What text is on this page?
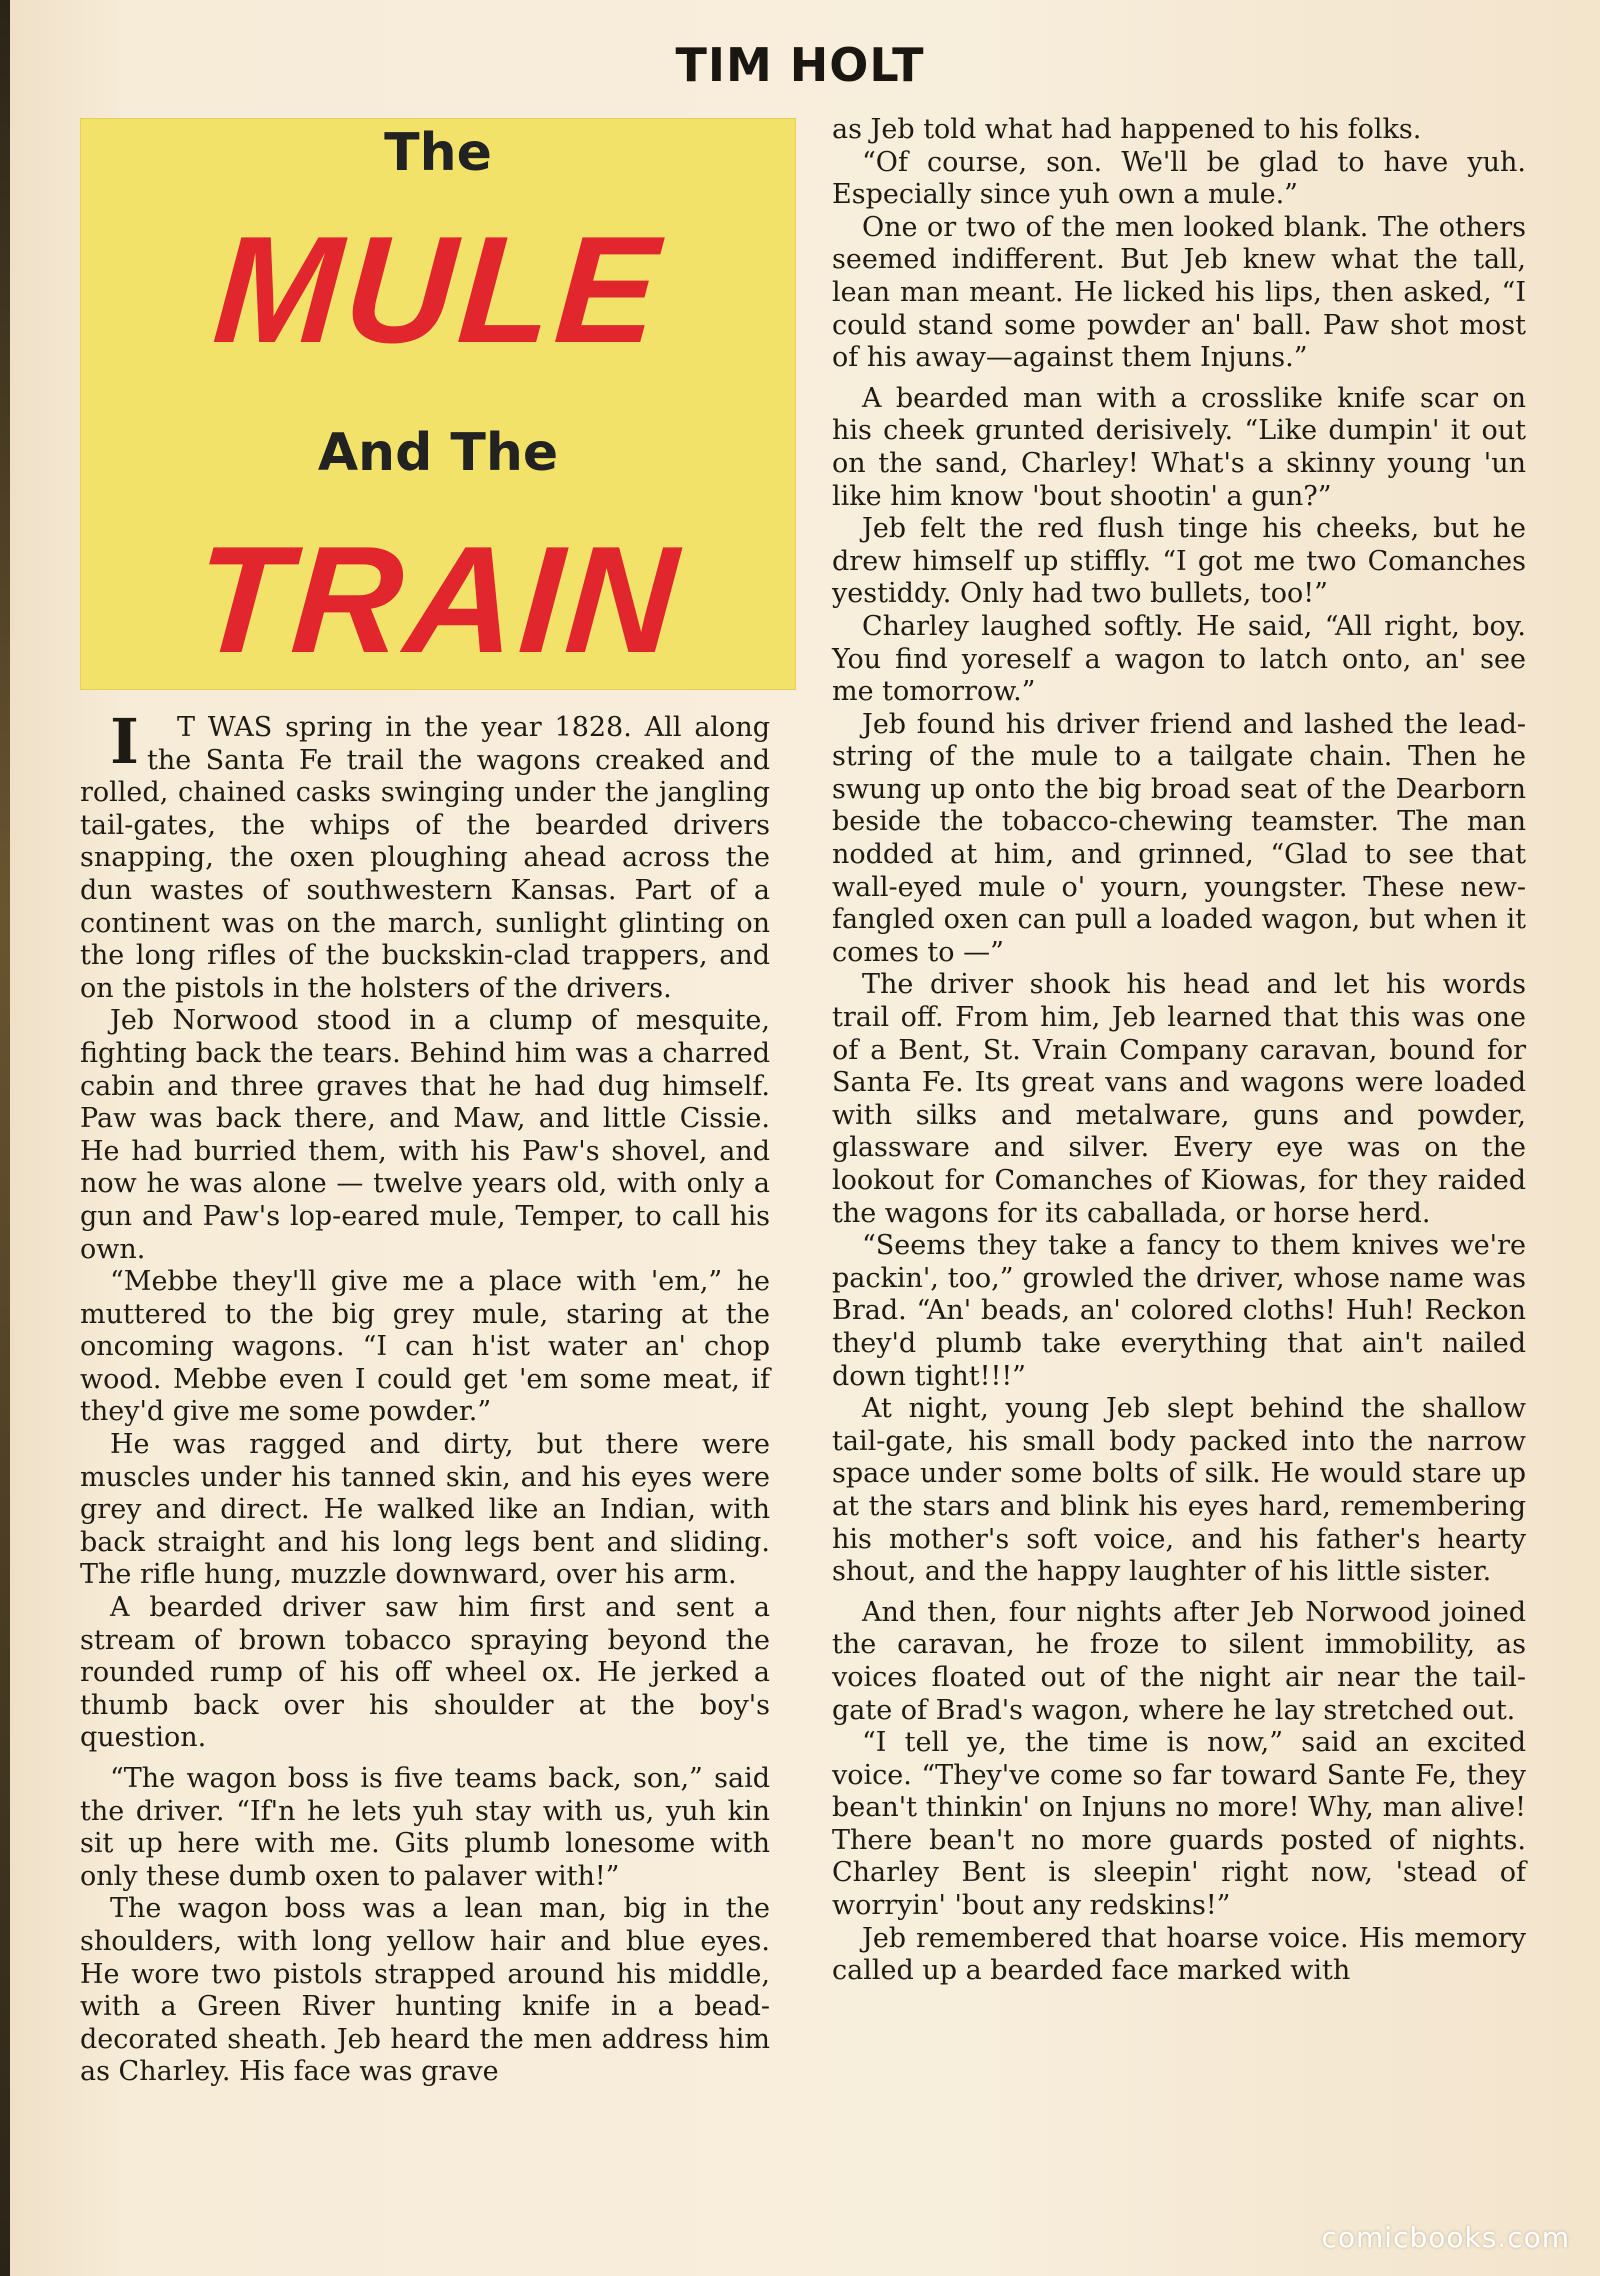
TIM HOLT
The
MULE
And The
TRAIN

I T WAS spring in the year 1828. All along the Santa Fe trail the wagons creaked and rolled, chained casks swinging under the jangling tail-gates, the whips of the bearded drivers snapping, the oxen ploughing ahead across the dun wastes of southwestern Kansas. Part of a continent was on the march, sunlight glinting on the long rifles of the buckskin-clad trappers, and on the pistols in the holsters of the drivers.

Jeb Norwood stood in a clump of mesquite, fighting back the tears. Behind him was a charred cabin and three graves that he had dug himself. Paw was back there, and Maw, and little Cissie. He had burried them, with his Paw's shovel, and now he was alone — twelve years old, with only a gun and Paw's lop-eared mule, Temper, to call his own.

“Mebbe they'll give me a place with 'em,” he muttered to the big grey mule, staring at the oncoming wagons. “I can h'ist water an' chop wood. Mebbe even I could get 'em some meat, if they'd give me some powder.”

He was ragged and dirty, but there were muscles under his tanned skin, and his eyes were grey and direct. He walked like an Indian, with back straight and his long legs bent and sliding. The rifle hung, muzzle downward, over his arm.

A bearded driver saw him first and sent a stream of brown tobacco spraying beyond the rounded rump of his off wheel ox. He jerked a thumb back over his shoulder at the boy's question.

“The wagon boss is five teams back, son,” said the driver. “If'n he lets yuh stay with us, yuh kin sit up here with me. Gits plumb lonesome with only these dumb oxen to palaver with!”

The wagon boss was a lean man, big in the shoulders, with long yellow hair and blue eyes. He wore two pistols strapped around his middle, with a Green River hunting knife in a bead-decorated sheath. Jeb heard the men address him as Charley. His face was grave

as Jeb told what had happened to his folks.

“Of course, son. We'll be glad to have yuh. Especially since yuh own a mule.”

One or two of the men looked blank. The others seemed indifferent. But Jeb knew what the tall, lean man meant. He licked his lips, then asked, “I could stand some powder an' ball. Paw shot most of his away—against them Injuns.”

A bearded man with a crosslike knife scar on his cheek grunted derisively. “Like dumpin' it out on the sand, Charley! What's a skinny young 'un like him know 'bout shootin' a gun?”

Jeb felt the red flush tinge his cheeks, but he drew himself up stiffly. “I got me two Comanches yestiddy. Only had two bullets, too!”

Charley laughed softly. He said, “All right, boy. You find yoreself a wagon to latch onto, an' see me tomorrow.”

Jeb found his driver friend and lashed the lead-string of the mule to a tailgate chain. Then he swung up onto the big broad seat of the Dearborn beside the tobacco-chewing teamster. The man nodded at him, and grinned, “Glad to see that wall-eyed mule o' yourn, youngster. These new-fangled oxen can pull a loaded wagon, but when it comes to —”

The driver shook his head and let his words trail off. From him, Jeb learned that this was one of a Bent, St. Vrain Company caravan, bound for Santa Fe. Its great vans and wagons were loaded with silks and metalware, guns and powder, glassware and silver. Every eye was on the lookout for Comanches of Kiowas, for they raided the wagons for its caballada, or horse herd.

“Seems they take a fancy to them knives we're packin', too,” growled the driver, whose name was Brad. “An' beads, an' colored cloths! Huh! Reckon they'd plumb take everything that ain't nailed down tight!!!”

At night, young Jeb slept behind the shallow tail-gate, his small body packed into the narrow space under some bolts of silk. He would stare up at the stars and blink his eyes hard, remembering his mother's soft voice, and his father's hearty shout, and the happy laughter of his little sister.

And then, four nights after Jeb Norwood joined the caravan, he froze to silent immobility, as voices floated out of the night air near the tail-gate of Brad's wagon, where he lay stretched out.

“I tell ye, the time is now,” said an excited voice. “They've come so far toward Sante Fe, they bean't thinkin' on Injuns no more! Why, man alive! There bean't no more guards posted of nights. Charley Bent is sleepin' right now, 'stead of worryin' 'bout any redskins!”

Jeb remembered that hoarse voice. His memory called up a bearded face marked with

comicbooks.com
